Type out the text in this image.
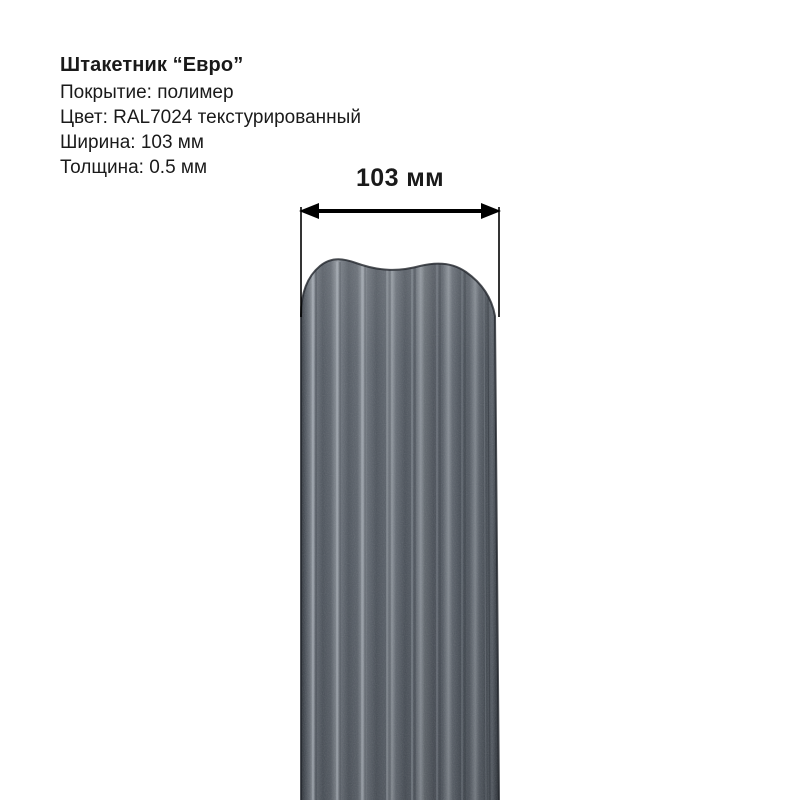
Штакетник “Евро”

Покрытие: полимер

Цвет: RAL7024 текстурированный

Ширина: 103 мм

Толщина: 0.5 мм	103 мм
